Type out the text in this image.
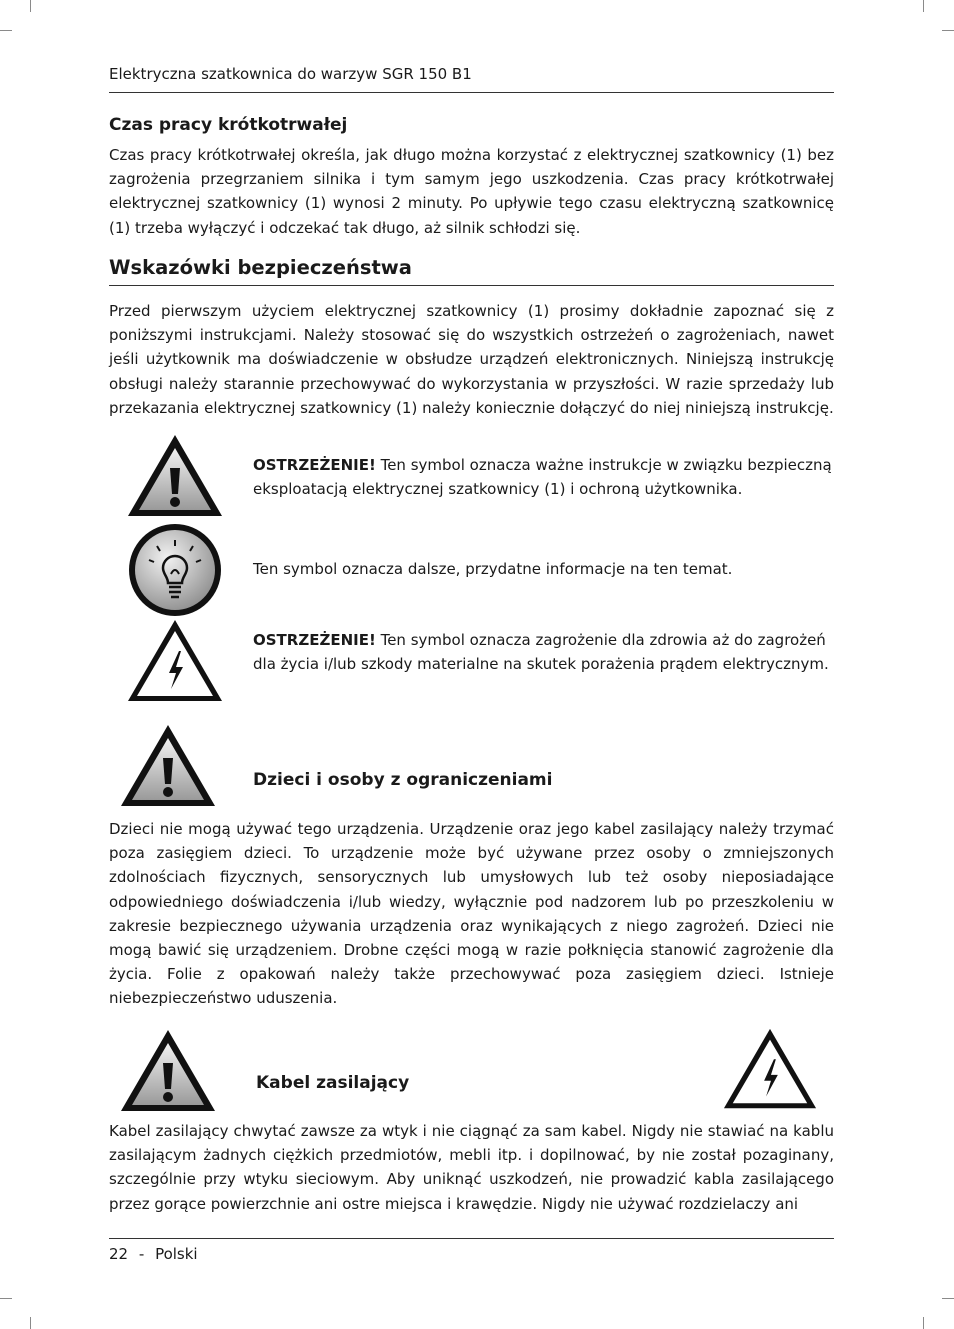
Elektryczna szatkownica do warzyw SGR 150 B1
Czas pracy krótkotrwałej

Czas pracy krótkotrwałej określa, jak długo można korzystać z elektrycznej szatkownicy (1) bez zagrożenia przegrzaniem silnika i tym samym jego uszkodzenia. Czas pracy krótkotrwałej elektrycznej szatkownicy (1) wynosi 2 minuty. Po upływie tego czasu elektryczną szatkownicę (1) trzeba wyłączyć i odczekać tak długo, aż silnik schłodzi się.

Wskazówki bezpieczeństwa

Przed pierwszym użyciem elektrycznej szatkownicy (1) prosimy dokładnie zapoznać się z poniższymi instrukcjami. Należy stosować się do wszystkich ostrzeżeń o zagrożeniach, nawet jeśli użytkownik ma doświadczenie w obsłudze urządzeń elektronicznych. Niniejszą instrukcję obsługi należy starannie przechowywać do wykorzystania w przyszłości. W razie sprzedaży lub przekazania elektrycznej szatkownicy (1) należy koniecznie dołączyć do niej niniejszą instrukcję.

OSTRZEŻENIE! Ten symbol oznacza ważne instrukcje w związku bezpieczną eksploatacją elektrycznej szatkownicy (1) i ochroną użytkownika.

Ten symbol oznacza dalsze, przydatne informacje na ten temat.

OSTRZEŻENIE! Ten symbol oznacza zagrożenie dla zdrowia aż do zagrożeń dla życia i/lub szkody materialne na skutek porażenia prądem elektrycznym.

Dzieci i osoby z ograniczeniami

Dzieci nie mogą używać tego urządzenia. Urządzenie oraz jego kabel zasilający należy trzymać poza zasięgiem dzieci. To urządzenie może być używane przez osoby o zmniejszonych zdolnościach fizycznych, sensorycznych lub umysłowych lub też osoby nieposiadające odpowiedniego doświadczenia i/lub wiedzy, wyłącznie pod nadzorem lub po przeszkoleniu w zakresie bezpiecznego używania urządzenia oraz wynikających z niego zagrożeń. Dzieci nie mogą bawić się urządzeniem. Drobne części mogą w razie połknięcia stanowić zagrożenie dla życia. Folie z opakowań należy także przechowywać poza zasięgiem dzieci. Istnieje niebezpieczeństwo uduszenia.

Kabel zasilający

Kabel zasilający chwytać zawsze za wtyk i nie ciągnąć za sam kabel. Nigdy nie stawiać na kablu zasilającym żadnych ciężkich przedmiotów, mebli itp. i dopilnować, by nie został pozaginany, szczególnie przy wtyku sieciowym. Aby uniknąć uszkodzeń, nie prowadzić kabla zasilającego przez gorące powierzchnie ani ostre miejsca i krawędzie. Nigdy nie używać rozdzielaczy ani

22 - Polski
